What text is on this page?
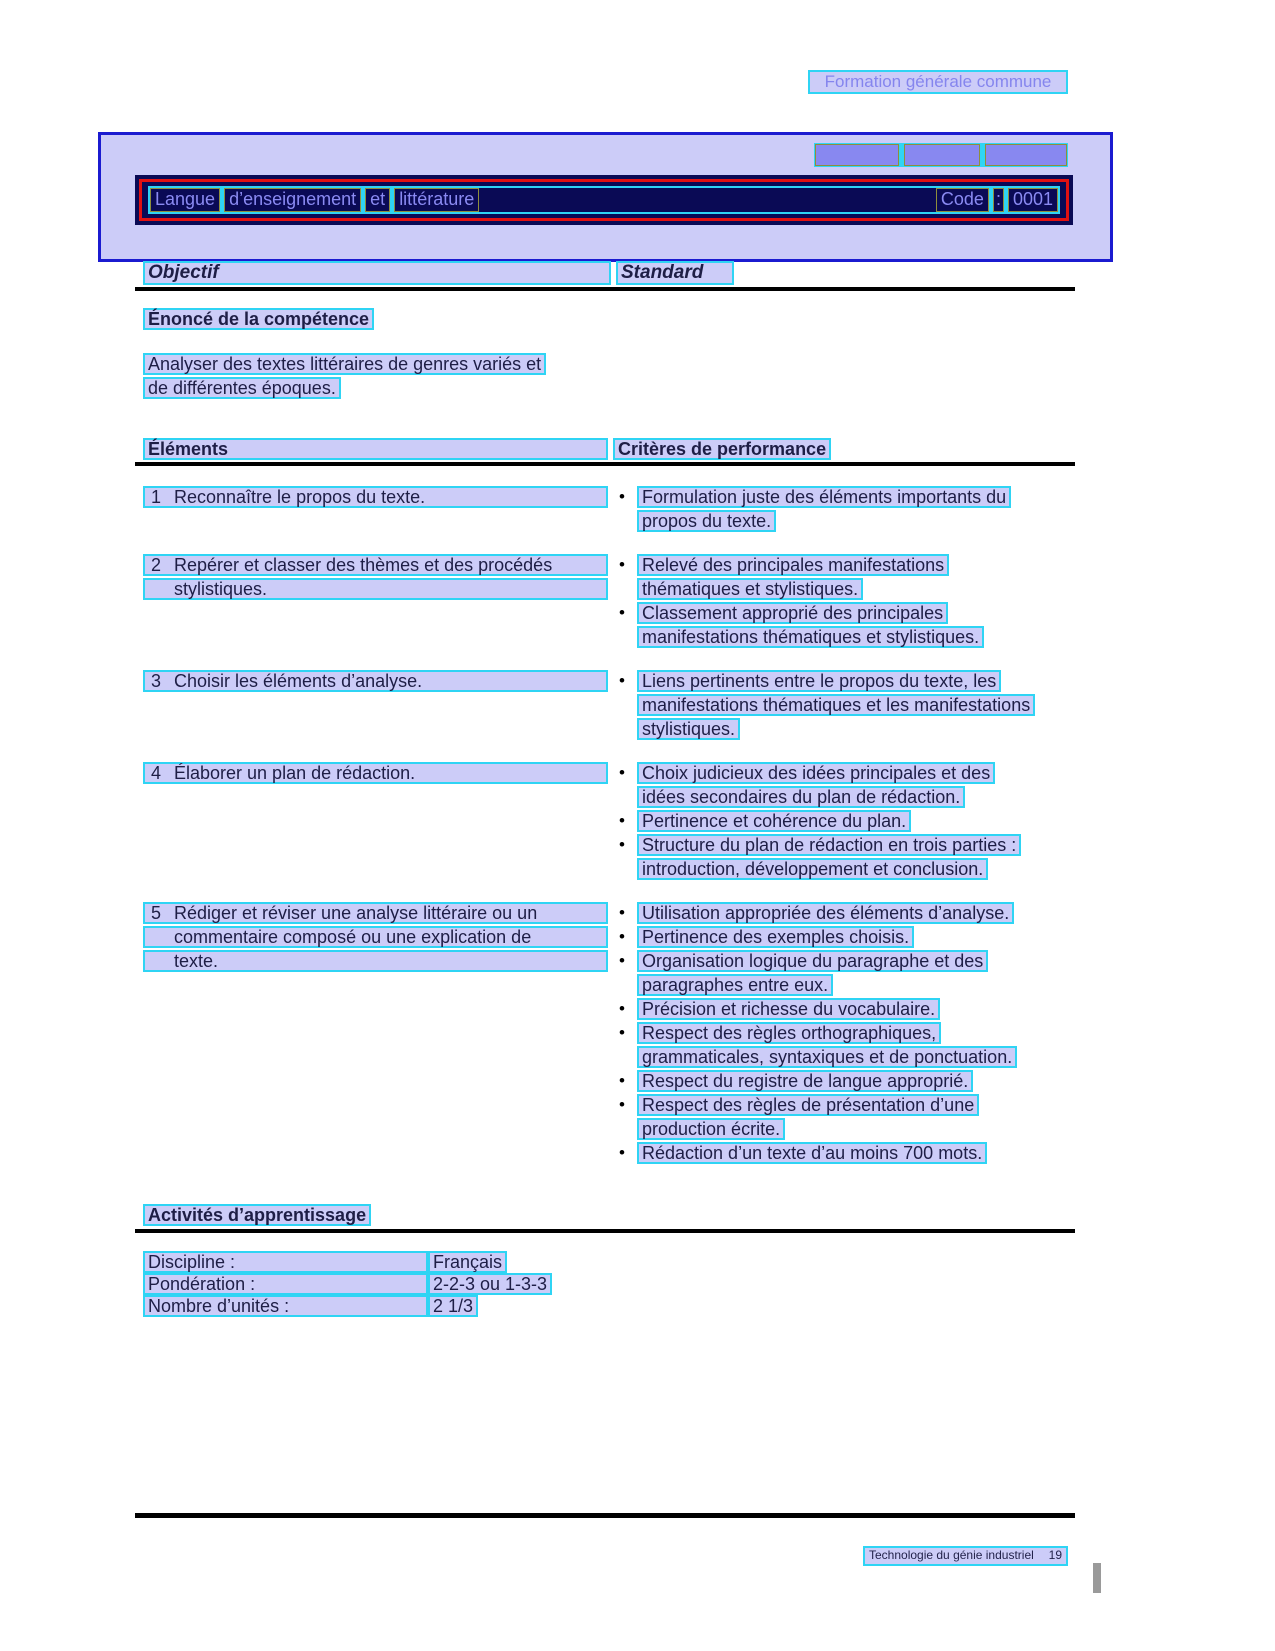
Formation générale commune
Langue d’enseignement et littérature	Code : 0001
Objectif	Standard
Énoncé de la compétence
Analyser des textes littéraires de genres variés et
de différentes époques.
Éléments	Critères de performance
1 Reconnaître le propos du texte.	• Formulation juste des éléments importants du
propos du texte.
2 Repérer et classer des thèmes et des procédés
stylistiques.
• Relevé des principales manifestations
thématiques et stylistiques.
• Classement approprié des principales
manifestations thématiques et stylistiques.
3 Choisir les éléments d’analyse.	• Liens pertinents entre le propos du texte, les
manifestations thématiques et les manifestations
stylistiques.
4 Élaborer un plan de rédaction.	• Choix judicieux des idées principales et des
idées secondaires du plan de rédaction.
• Pertinence et cohérence du plan.
• Structure du plan de rédaction en trois parties :
introduction, développement et conclusion.
5 Rédiger et réviser une analyse littéraire ou un
commentaire composé ou une explication de
texte.
• Utilisation appropriée des éléments d’analyse.
• Pertinence des exemples choisis.
• Organisation logique du paragraphe et des
paragraphes entre eux.
• Précision et richesse du vocabulaire.
• Respect des règles orthographiques,
grammaticales, syntaxiques et de ponctuation.
• Respect du registre de langue approprié.
• Respect des règles de présentation d’une
production écrite.
• Rédaction d’un texte d’au moins 700 mots.
Activités d’apprentissage
Discipline :	Français
Pondération :	2-2-3 ou 1-3-3
Nombre d’unités :	2 1/3
Technologie du génie industriel 19
